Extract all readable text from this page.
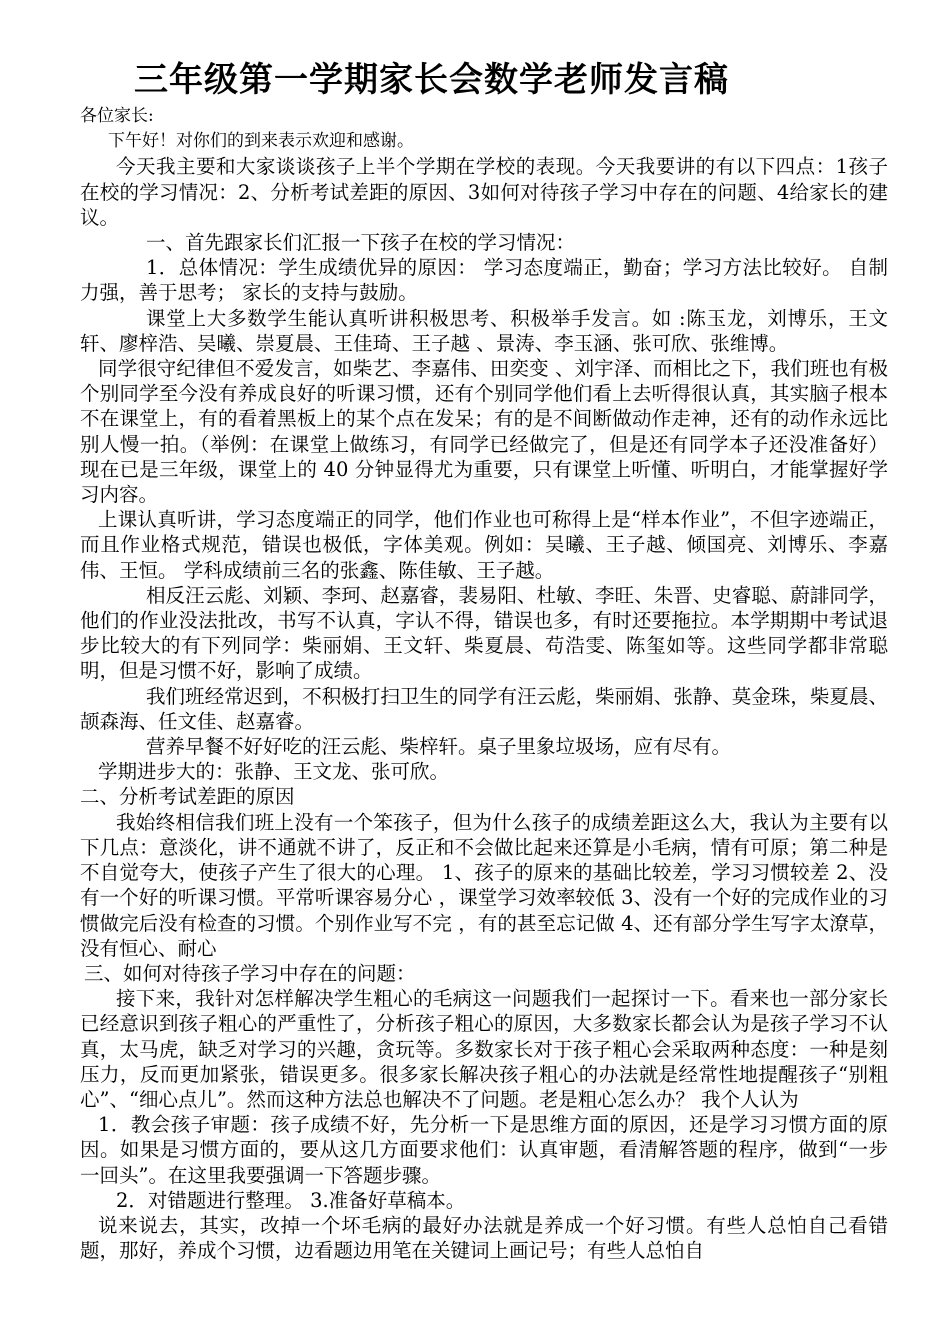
三年级第一学期家长会数学老师发言稿

各位家长:

下午好！对你们的到来表示欢迎和感谢。

今天我主要和大家谈谈孩子上半个学期在学校的表现。今天我要讲的有以下四点：1孩子在校的学习情况：2、分析考试差距的原因、3如何对待孩子学习中存在的问题、4给家长的建议。

一、首先跟家长们汇报一下孩子在校的学习情况：

1．总体情况：学生成绩优异的原因： 学习态度端正，勤奋；学习方法比较好。 自制力强，善于思考； 家长的支持与鼓励。

课堂上大多数学生能认真听讲积极思考、积极举手发言。如 :陈玉龙，刘博乐，王文轩、廖梓浩、吴曦、崇夏晨、王佳琦、王子越 、景涛、李玉涵、张可欣、张维博。

同学很守纪律但不爱发言，如柴艺、李嘉伟、田奕变 、刘宇泽、而相比之下，我们班也有极个别同学至今没有养成良好的听课习惯，还有个别同学他们看上去听得很认真，其实脑子根本不在课堂上，有的看着黑板上的某个点在发呆；有的是不间断做动作走神，还有的动作永远比别人慢一拍。（举例：在课堂上做练习，有同学已经做完了，但是还有同学本子还没准备好）现在已是三年级，课堂上的 40 分钟显得尤为重要，只有课堂上听懂、听明白，才能掌握好学习内容。

上课认真听讲，学习态度端正的同学，他们作业也可称得上是“样本作业”，不但字迹端正，而且作业格式规范，错误也极低，字体美观。例如：吴曦、王子越、倾国亮、刘博乐、李嘉伟、王恒。 学科成绩前三名的张鑫、陈佳敏、王子越。

相反汪云彪、刘颖、李珂、赵嘉睿，裴易阳、杜敏、李旺、朱晋、史睿聪、蔚誹同学，他们的作业没法批改，书写不认真，字认不得，错误也多，有时还要拖拉。本学期期中考试退步比较大的有下列同学：柴丽娟、王文轩、柴夏晨、苟浩雯、陈玺如等。这些同学都非常聪明，但是习惯不好，影响了成绩。

我们班经常迟到，不积极打扫卫生的同学有汪云彪，柴丽娟、张静、莫金珠，柴夏晨、颉森海、任文佳、赵嘉睿。

营养早餐不好好吃的汪云彪、柴梓轩。桌子里象垃圾场，应有尽有。

学期进步大的：张静、王文龙、张可欣。

二、分析考试差距的原因

我始终相信我们班上没有一个笨孩子，但为什么孩子的成绩差距这么大，我认为主要有以下几点：意淡化，讲不通就不讲了，反正和不会做比起来还算是小毛病，情有可原；第二种是不自觉夸大，使孩子产生了很大的心理。 1、孩子的原来的基础比较差，学习习惯较差 2、没有一个好的听课习惯。平常听课容易分心 ，课堂学习效率较低 3、没有一个好的完成作业的习惯做完后没有检查的习惯。个别作业写不完 ，有的甚至忘记做 4、还有部分学生写字太潦草，没有恒心、耐心

三、如何对待孩子学习中存在的问题：

接下来，我针对怎样解决学生粗心的毛病这一问题我们一起探讨一下。看来也一部分家长已经意识到孩子粗心的严重性了，分析孩子粗心的原因，大多数家长都会认为是孩子学习不认真，太马虎，缺乏对学习的兴趣，贪玩等。多数家长对于孩子粗心会采取两种态度：一种是刻压力，反而更加紧张，错误更多。很多家长解决孩子粗心的办法就是经常性地提醒孩子“别粗心”、“细心点儿”。然而这种方法总也解决不了问题。老是粗心怎么办？ 我个人认为

1．教会孩子审题：孩子成绩不好，先分析一下是思维方面的原因，还是学习习惯方面的原因。如果是习惯方面的，要从这几方面要求他们：认真审题，看清解答题的程序，做到“一步一回头”。在这里我要强调一下答题步骤。

2．对错题进行整理。 3.准备好草稿本。

说来说去，其实，改掉一个坏毛病的最好办法就是养成一个好习惯。有些人总怕自己看错题，那好，养成个习惯，边看题边用笔在关键词上画记号；有些人总怕自
